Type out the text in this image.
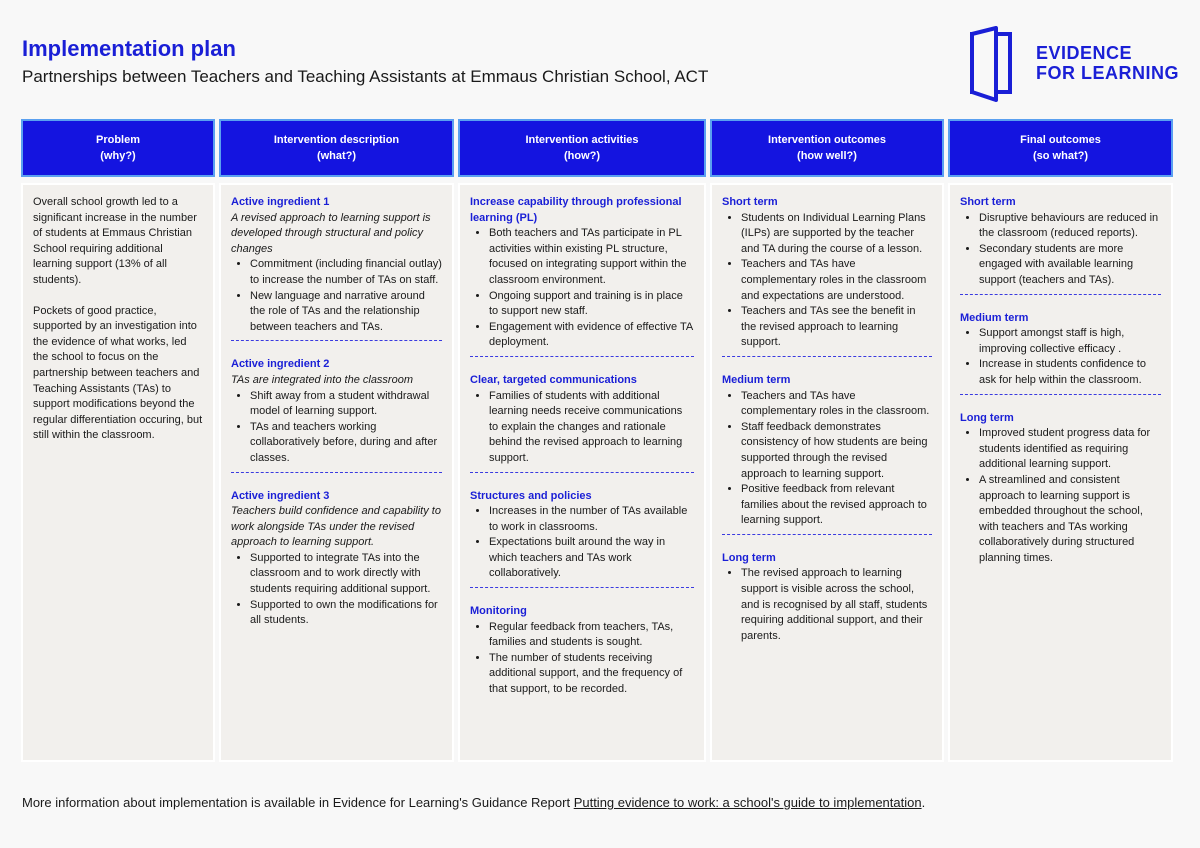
Implementation plan
Partnerships between Teachers and Teaching Assistants at Emmaus Christian School, ACT
EVIDENCE
FOR LEARNING
Problem
(why?)

Overall school growth led to a significant increase in the number of students at Emmaus Christian School requiring additional learning support (13% of all students).

Pockets of good practice, supported by an investigation into the evidence of what works, led the school to focus on the partnership between teachers and Teaching Assistants (TAs) to support modifications beyond the regular differentiation occuring, but still within the classroom.

Intervention description
(what?)
Active ingredient 1
A revised approach to learning support is developed through structural and policy changes
• Commitment (including financial outlay) to increase the number of TAs on staff.
• New language and narrative around the role of TAs and the relationship between teachers and TAs.
Active ingredient 2
TAs are integrated into the classroom
• Shift away from a student withdrawal model of learning support.
• TAs and teachers working collaboratively before, during and after classes.
Active ingredient 3
Teachers build confidence and capability to work alongside TAs under the revised approach to learning support.
• Supported to integrate TAs into the classroom and to work directly with students requiring additional support.
• Supported to own the modifications for all students.
Intervention activities
(how?)
Increase capability through professional learning (PL)
• Both teachers and TAs participate in PL activities within existing PL structure, focused on integrating support within the classroom environment.
• Ongoing support and training is in place to support new staff.
• Engagement with evidence of effective TA deployment.
Clear, targeted communications
• Families of students with additional learning needs receive communications to explain the changes and rationale behind the revised approach to learning support.
Structures and policies
• Increases in the number of TAs available to work in classrooms.
• Expectations built around the way in which teachers and TAs work collaboratively.
Monitoring
• Regular feedback from teachers, TAs, families and students is sought.
• The number of students receiving additional support, and the frequency of that support, to be recorded.
Intervention outcomes
(how well?)
Short term
• Students on Individual Learning Plans (ILPs) are supported by the teacher and TA during the course of a lesson.
• Teachers and TAs have complementary roles in the classroom and expectations are understood.
• Teachers and TAs see the benefit in the revised approach to learning support.
Medium term
• Teachers and TAs have complementary roles in the classroom.
• Staff feedback demonstrates consistency of how students are being supported through the revised approach to learning support.
• Positive feedback from relevant families about the revised approach to learning support.
Long term
• The revised approach to learning support is visible across the school, and is recognised by all staff, students requiring additional support, and their parents.
Final outcomes
(so what?)
Short term
• Disruptive behaviours are reduced in the classroom (reduced reports).
• Secondary students are more engaged with available learning support (teachers and TAs).
Medium term
• Support amongst staff is high, improving collective efficacy .
• Increase in students confidence to ask for help within the classroom.
Long term
• Improved student progress data for students identified as requiring additional learning support.
• A streamlined and consistent approach to learning support is embedded throughout the school, with teachers and TAs working collaboratively during structured planning times.
More information about implementation is available in Evidence for Learning's Guidance Report Putting evidence to work: a school's guide to implementation.
